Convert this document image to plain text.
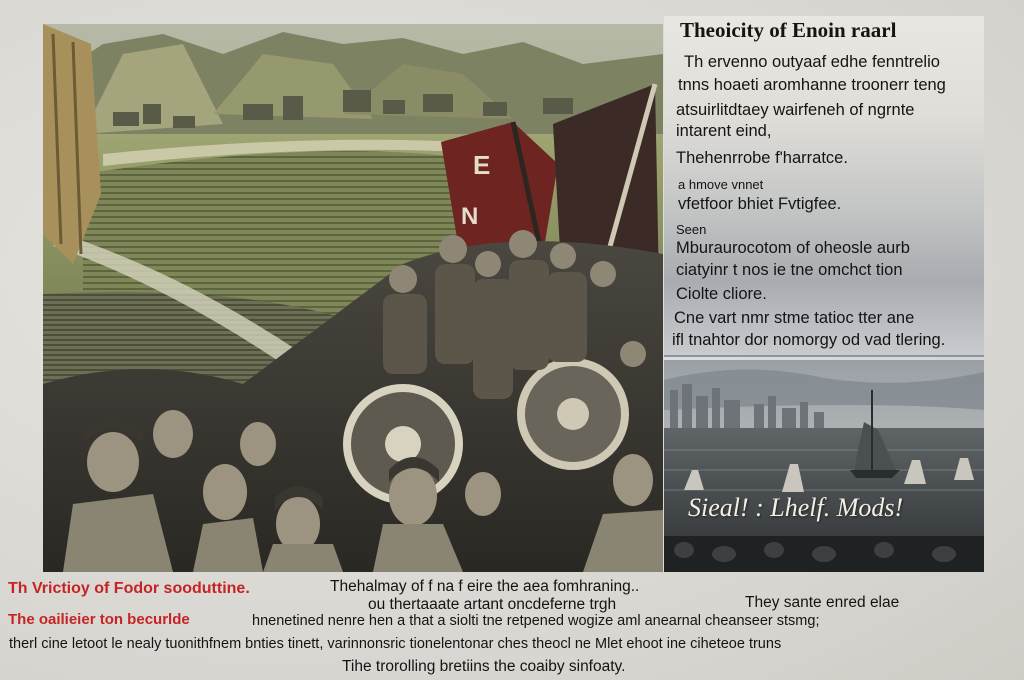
E
N
Theoicity of Enoin raarl
Th ervenno outyaaf edhe fenntrelio
tnns hoaeti aromhanne troonerr teng
atsuirlitdtaey wairfeneh of ngrnte
intarent eind,
Thehenrrobe f'harratce.
a hmove vnnet
vfetfoor bhiet Fvtigfee.
Seen
Mburaurocotom of oheosle aurb
ciatyinr t nos ie tne omchct tion
Ciolte cliore.
Cne vart nmr stme tatioc tter ane
ifl tnahtor dor nomorgy od vad tlering.
Sieal! : Lhelf. Mods!
Th Vrictioy of Fodor sooduttine.
The oailieier ton becurlde
Thehalmay of f na f eire the aea fomhraning..
ou thertaaate artant oncdeferne trgh	They sante enred elae
hnenetined nenre hen a that a siolti tne retpened wogize aml anearnal cheanseer stsmg;
therl cine letoot le nealy tuonithfnem bnties tinett, varinnonsric tionelentonar ches theocl ne Mlet ehoot ine ciheteoe truns
Tihe trorolling bretiins the coaiby sinfoaty.
